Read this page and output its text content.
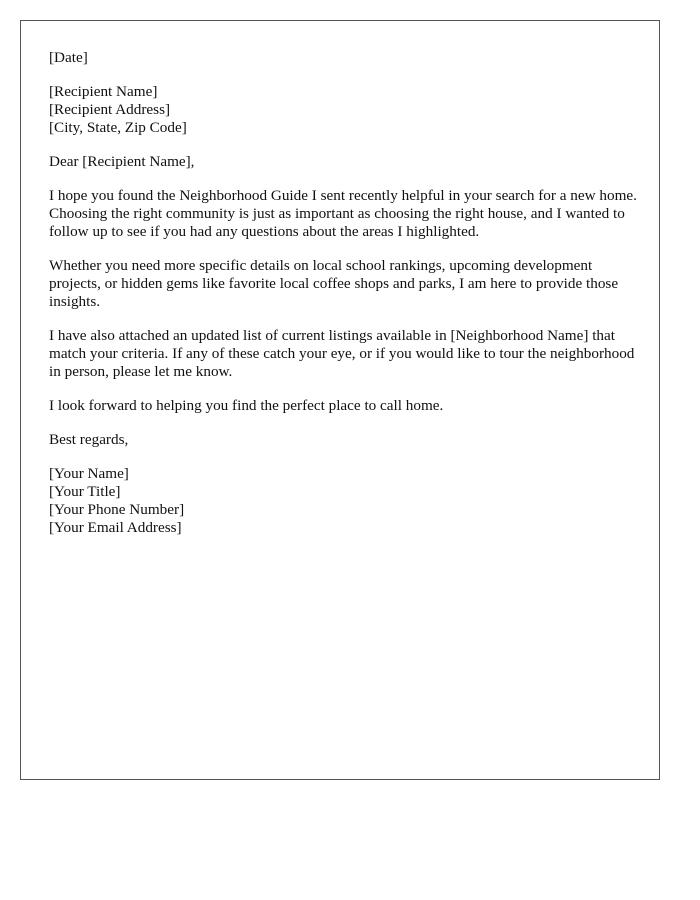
[Date]
[Recipient Name]
[Recipient Address]
[City, State, Zip Code]

Dear [Recipient Name],

I hope you found the Neighborhood Guide I sent recently helpful in your search for a new home. Choosing the right community is just as important as choosing the right house, and I wanted to follow up to see if you had any questions about the areas I highlighted.

Whether you need more specific details on local school rankings, upcoming development projects, or hidden gems like favorite local coffee shops and parks, I am here to provide those insights.

I have also attached an updated list of current listings available in [Neighborhood Name] that match your criteria. If any of these catch your eye, or if you would like to tour the neighborhood in person, please let me know.

I look forward to helping you find the perfect place to call home.

Best regards,

[Your Name]
[Your Title]
[Your Phone Number]
[Your Email Address]
